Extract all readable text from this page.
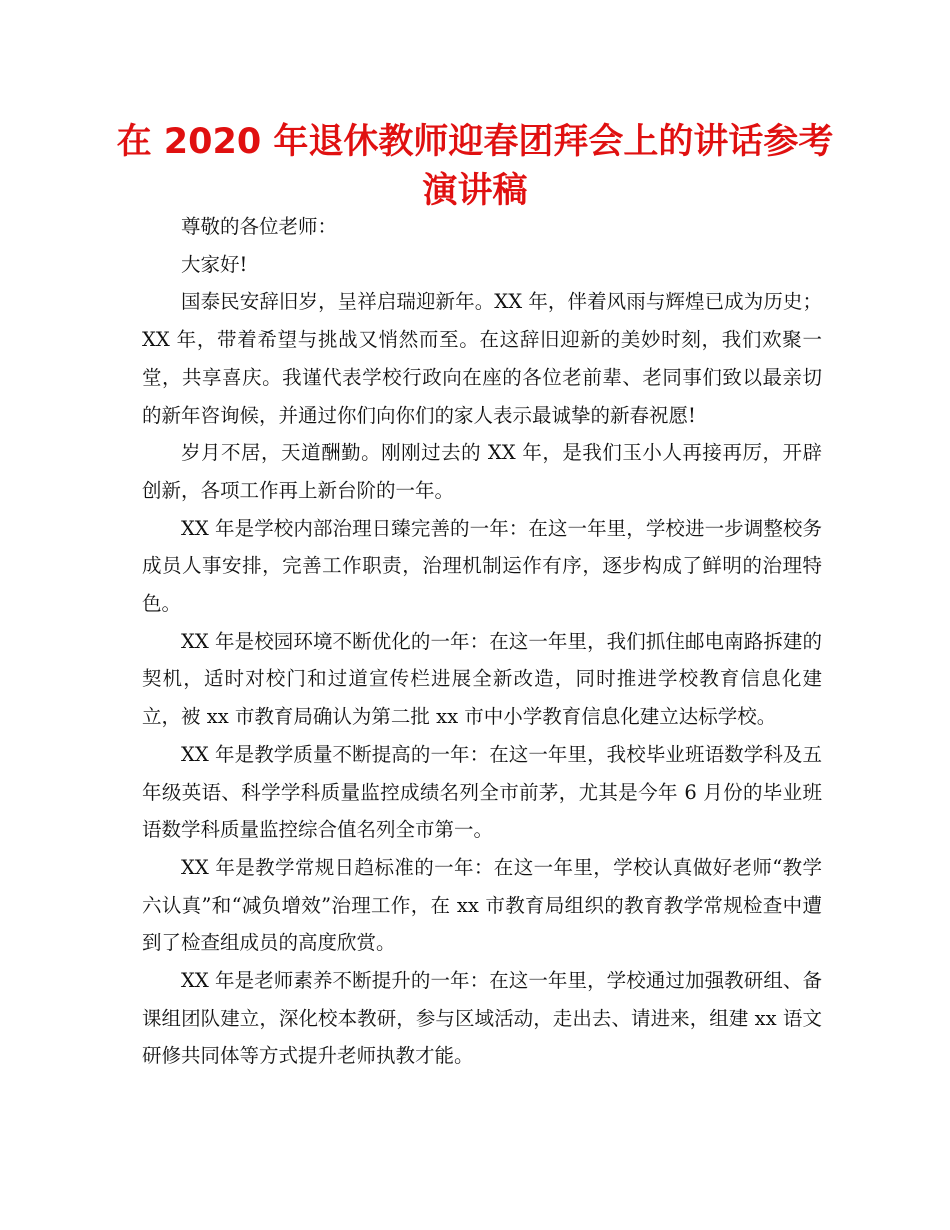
在 2020 年退休教师迎春团拜会上的讲话参考演讲稿

尊敬的各位老师：

大家好!

国泰民安辞旧岁，呈祥启瑞迎新年。XX 年，伴着风雨与辉煌已成为历史；XX 年，带着希望与挑战又悄然而至。在这辞旧迎新的美妙时刻，我们欢聚一堂，共享喜庆。我谨代表学校行政向在座的各位老前辈、老同事们致以最亲切的新年咨询候，并通过你们向你们的家人表示最诚挚的新春祝愿!

岁月不居，天道酬勤。刚刚过去的 XX 年，是我们玉小人再接再厉，开辟创新，各项工作再上新台阶的一年。

XX 年是学校内部治理日臻完善的一年：在这一年里，学校进一步调整校务成员人事安排，完善工作职责，治理机制运作有序，逐步构成了鲜明的治理特色。

XX 年是校园环境不断优化的一年：在这一年里，我们抓住邮电南路拆建的契机，适时对校门和过道宣传栏进展全新改造，同时推进学校教育信息化建立，被 xx 市教育局确认为第二批 xx 市中小学教育信息化建立达标学校。

XX 年是教学质量不断提高的一年：在这一年里，我校毕业班语数学科及五年级英语、科学学科质量监控成绩名列全市前茅，尤其是今年 6 月份的毕业班语数学科质量监控综合值名列全市第一。

XX 年是教学常规日趋标准的一年：在这一年里，学校认真做好老师“教学六认真”和“减负增效”治理工作，在 xx 市教育局组织的教育教学常规检查中遭到了检查组成员的高度欣赏。

XX 年是老师素养不断提升的一年：在这一年里，学校通过加强教研组、备课组团队建立，深化校本教研，参与区域活动，走出去、请进来，组建 xx 语文研修共同体等方式提升老师执教才能。
